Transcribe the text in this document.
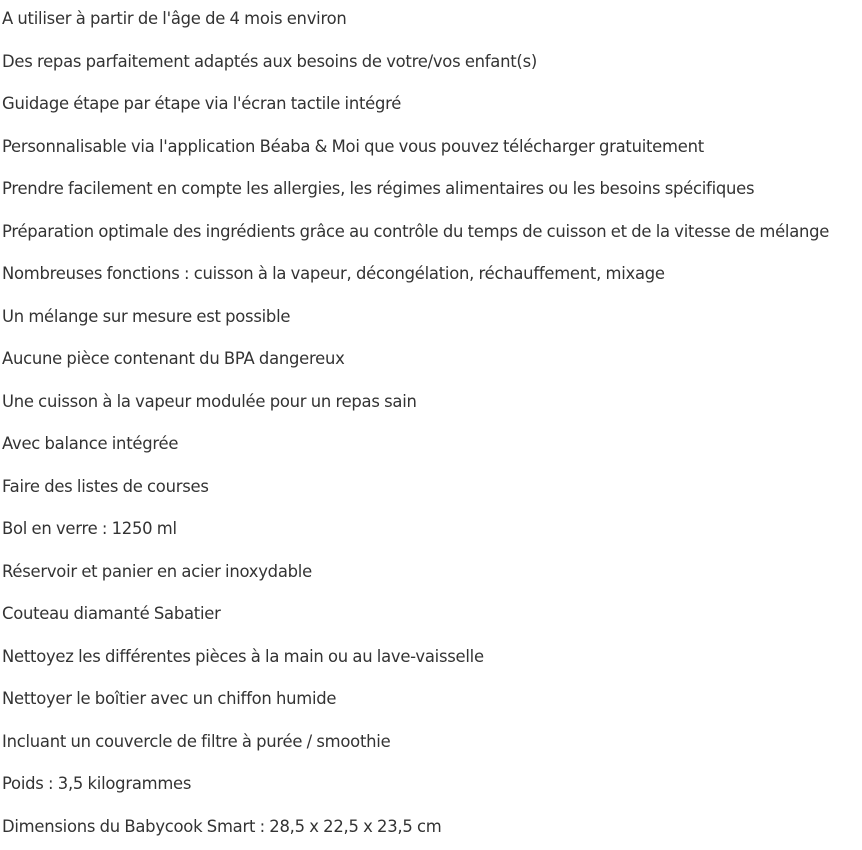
A utiliser à partir de l'âge de 4 mois environ
Des repas parfaitement adaptés aux besoins de votre/vos enfant(s)
Guidage étape par étape via l'écran tactile intégré
Personnalisable via l'application Béaba & Moi que vous pouvez télécharger gratuitement
Prendre facilement en compte les allergies, les régimes alimentaires ou les besoins spécifiques
Préparation optimale des ingrédients grâce au contrôle du temps de cuisson et de la vitesse de mélange
Nombreuses fonctions : cuisson à la vapeur, décongélation, réchauffement, mixage
Un mélange sur mesure est possible
Aucune pièce contenant du BPA dangereux
Une cuisson à la vapeur modulée pour un repas sain
Avec balance intégrée
Faire des listes de courses
Bol en verre : 1250 ml
Réservoir et panier en acier inoxydable
Couteau diamanté Sabatier
Nettoyez les différentes pièces à la main ou au lave-vaisselle
Nettoyer le boîtier avec un chiffon humide
Incluant un couvercle de filtre à purée / smoothie
Poids : 3,5 kilogrammes
Dimensions du Babycook Smart : 28,5 x 22,5 x 23,5 cm
